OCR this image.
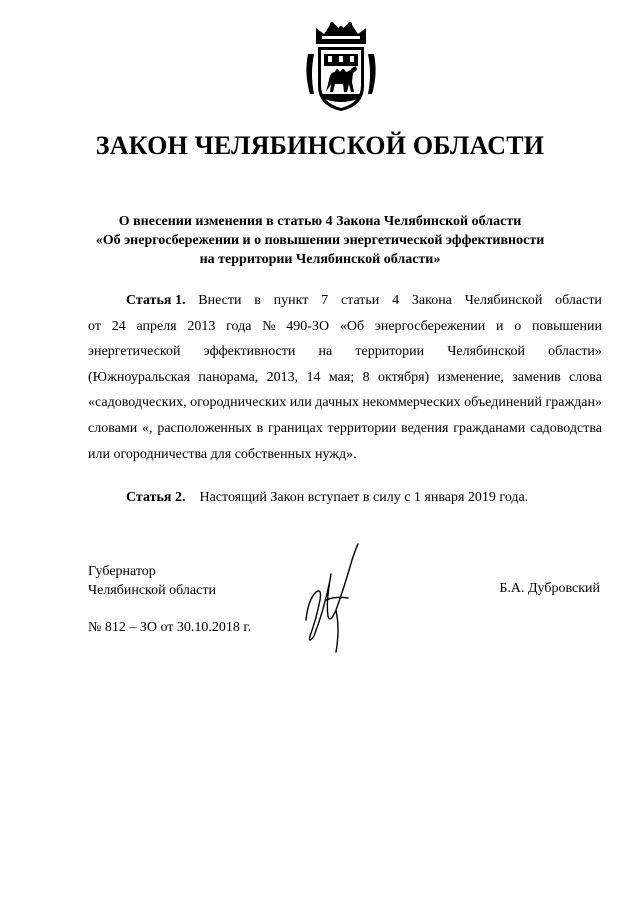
ЗАКОН ЧЕЛЯБИНСКОЙ ОБЛАСТИ
О внесении изменения в статью 4 Закона Челябинской области
«Об энергосбережении и о повышении энергетической эффективности
на территории Челябинской области»
Статья 1. Внести в пункт 7 статьи 4 Закона Челябинской области
от 24 апреля 2013 года № 490-ЗО «Об энергосбережении и о повышении
энергетической эффективности на территории Челябинской области»
(Южноуральская панорама, 2013, 14 мая; 8 октября) изменение, заменив слова
«садоводческих, огороднических или дачных некоммерческих объединений граждан»
словами «, расположенных в границах территории ведения гражданами садоводства
или огородничества для собственных нужд».
Статья 2. Настоящий Закон вступает в силу с 1 января 2019 года.
Губернатор
Челябинской области	Б.А. Дубровский
№ 812 – ЗО от 30.10.2018 г.
